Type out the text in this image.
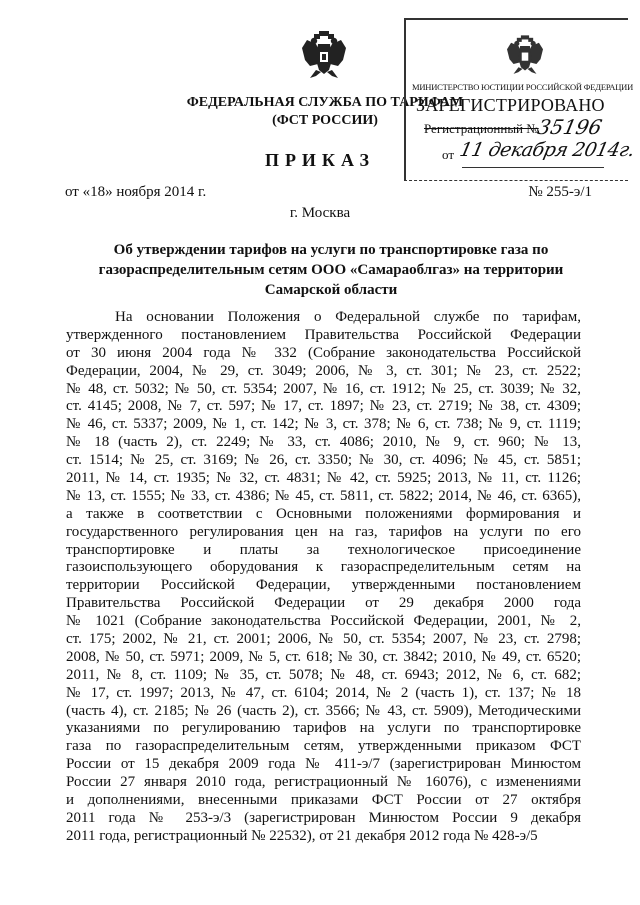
ФЕДЕРАЛЬНАЯ СЛУЖБА ПО ТАРИФАМ
(ФСТ РОССИИ)
МИНИСТЕРСТВО ЮСТИЦИИ РОССИЙСКОЙ ФЕДЕРАЦИИ
ЗАРЕГИСТРИРОВАНО
Регистрационный №
35196
от 11 декабря 2014г.
ПРИКАЗ
от «18» ноября 2014 г.	№ 255-э/1
г. Москва
Об утверждении тарифов на услуги по транспортировке газа по
газораспределительным сетям ООО «Самараоблгаз» на территории
Самарской области
На основании Положения о Федеральной службе по тарифам,
утвержденного постановлением Правительства Российской Федерации
от 30 июня 2004 года № 332 (Собрание законодательства Российской
Федерации, 2004, № 29, ст. 3049; 2006, № 3, ст. 301; № 23, ст. 2522;
№ 48, ст. 5032; № 50, ст. 5354; 2007, № 16, ст. 1912; № 25, ст. 3039; № 32,
ст. 4145; 2008, № 7, ст. 597; № 17, ст. 1897; № 23, ст. 2719; № 38, ст. 4309;
№ 46, ст. 5337; 2009, № 1, ст. 142; № 3, ст. 378; № 6, ст. 738; № 9, ст. 1119;
№ 18 (часть 2), ст. 2249; № 33, ст. 4086; 2010, № 9, ст. 960; № 13,
ст. 1514; № 25, ст. 3169; № 26, ст. 3350; № 30, ст. 4096; № 45, ст. 5851;
2011, № 14, ст. 1935; № 32, ст. 4831; № 42, ст. 5925; 2013, № 11, ст. 1126;
№ 13, ст. 1555; № 33, ст. 4386; № 45, ст. 5811, ст. 5822; 2014, № 46, ст. 6365),
а также в соответствии с Основными положениями формирования и
государственного регулирования цен на газ, тарифов на услуги по его
транспортировке и платы за технологическое присоединение
газоиспользующего оборудования к газораспределительным сетям на
территории Российской Федерации, утвержденными постановлением
Правительства Российской Федерации от 29 декабря 2000 года
№ 1021 (Собрание законодательства Российской Федерации, 2001, № 2,
ст. 175; 2002, № 21, ст. 2001; 2006, № 50, ст. 5354; 2007, № 23, ст. 2798;
2008, № 50, ст. 5971; 2009, № 5, ст. 618; № 30, ст. 3842; 2010, № 49, ст. 6520;
2011, № 8, ст. 1109; № 35, ст. 5078; № 48, ст. 6943; 2012, № 6, ст. 682;
№ 17, ст. 1997; 2013, № 47, ст. 6104; 2014, № 2 (часть 1), ст. 137; № 18
(часть 4), ст. 2185; № 26 (часть 2), ст. 3566; № 43, ст. 5909), Методическими
указаниями по регулированию тарифов на услуги по транспортировке
газа по газораспределительным сетям, утвержденными приказом ФСТ
России от 15 декабря 2009 года № 411-э/7 (зарегистрирован Минюстом
России 27 января 2010 года, регистрационный № 16076), с изменениями
и дополнениями, внесенными приказами ФСТ России от 27 октября
2011 года № 253-э/3 (зарегистрирован Минюстом России 9 декабря
2011 года, регистрационный № 22532), от 21 декабря 2012 года № 428-э/5
